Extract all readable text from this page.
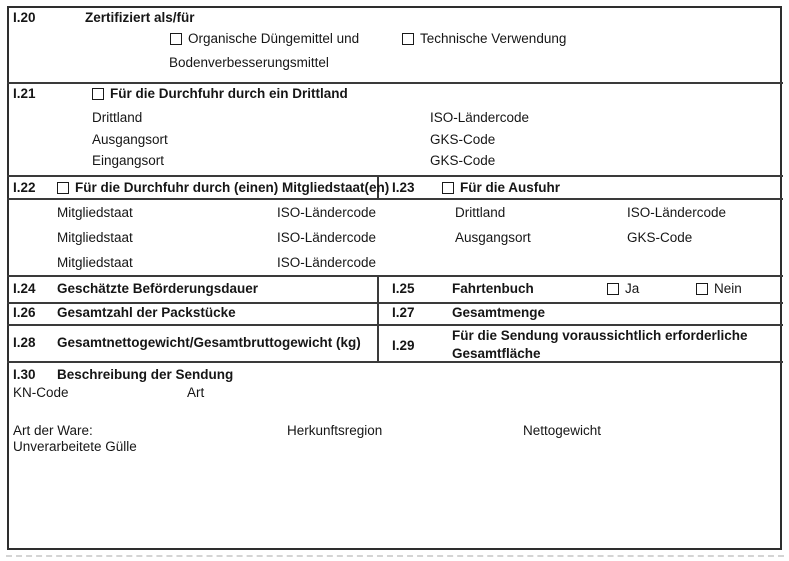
I.20	Zertifiziert als/für
Organische Düngemittel und
Bodenverbesserungsmittel
Technische Verwendung
I.21	Für die Durchfuhr durch ein Drittland
Drittland	ISO-Ländercode
Ausgangsort	GKS-Code
Eingangsort	GKS-Code
I.22	Für die Durchfuhr durch (einen) Mitgliedstaat(en) I.23	Für die Ausfuhr
Mitgliedstaat	ISO-Ländercode	Drittland	ISO-Ländercode
Mitgliedstaat	ISO-Ländercode	Ausgangsort	GKS-Code
Mitgliedstaat	ISO-Ländercode
I.24 Geschätzte Beförderungsdauer	I.25	Fahrtenbuch	Ja	Nein
I.26 Gesamtzahl der Packstücke	I.27	Gesamtmenge
I.28 Gesamtnettogewicht/Gesamtbruttogewicht (kg) I.29
Für die Sendung voraussichtlich erforderliche
Gesamtfläche
I.30 Beschreibung der Sendung
KN-Code	Art
Art der Ware:	Herkunftsregion	Nettogewicht
Unverarbeitete Gülle
